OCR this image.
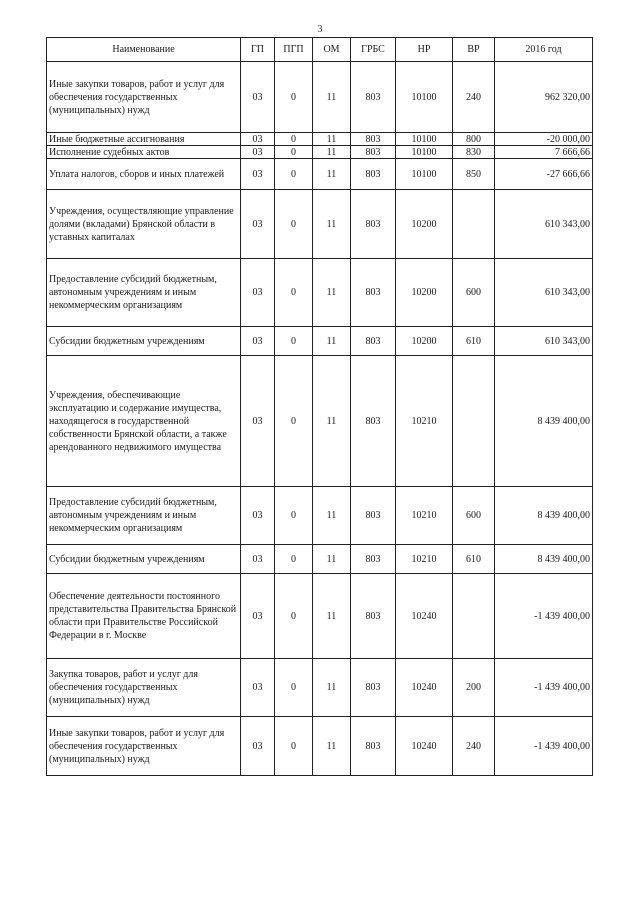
3
Наименование	ГП	ПГП	ОМ	ГРБС	НР	ВР	2016 год
Иные закупки товаров, работ и услуг для обеспечения государственных (муниципальных) нужд	03	0	11	803	10100	240	962 320,00
Иные бюджетные ассигнования	03	0	11	803	10100	800	-20 000,00
Исполнение судебных актов	03	0	11	803	10100	830	7 666,66
Уплата налогов, сборов и иных платежей	03	0	11	803	10100	850	-27 666,66
Учреждения, осуществляющие управление долями (вкладами) Брянской области в уставных капиталах	03	0	11	803	10200		610 343,00
Предоставление субсидий бюджетным, автономным учреждениям и иным некоммерческим организациям	03	0	11	803	10200	600	610 343,00
Субсидии бюджетным учреждениям	03	0	11	803	10200	610	610 343,00
Учреждения, обеспечивающие эксплуатацию и содержание имущества, находящегося в государственной собственности Брянской области, а также арендованного недвижимого имущества	03	0	11	803	10210		8 439 400,00
Предоставление субсидий бюджетным, автономным учреждениям и иным некоммерческим организациям	03	0	11	803	10210	600	8 439 400,00
Субсидии бюджетным учреждениям	03	0	11	803	10210	610	8 439 400,00
Обеспечение деятельности постоянного представительства Правительства Брянской области при Правительстве Российской Федерации в г. Москве	03	0	11	803	10240		-1 439 400,00
Закупка товаров, работ и услуг для обеспечения государственных (муниципальных) нужд	03	0	11	803	10240	200	-1 439 400,00
Иные закупки товаров, работ и услуг для обеспечения государственных (муниципальных) нужд	03	0	11	803	10240	240	-1 439 400,00
